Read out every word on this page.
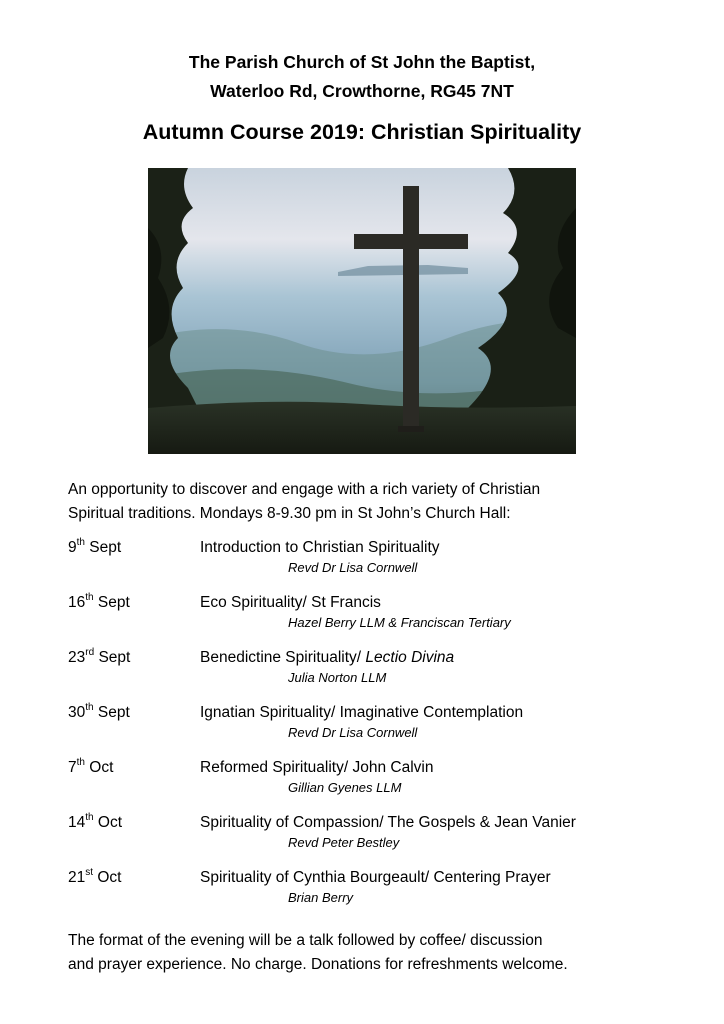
The Parish Church of St John the Baptist,
Waterloo Rd, Crowthorne, RG45 7NT
Autumn Course 2019: Christian Spirituality
An opportunity to discover and engage with a rich variety of Christian
Spiritual traditions. Mondays 8-9.30 pm in St John’s Church Hall:
9th Sept	Introduction to Christian Spirituality
Revd Dr Lisa Cornwell
16th Sept	Eco Spirituality/ St Francis
Hazel Berry LLM & Franciscan Tertiary
23rd Sept	Benedictine Spirituality/ Lectio Divina
Julia Norton LLM
30th Sept	Ignatian Spirituality/ Imaginative Contemplation
Revd Dr Lisa Cornwell
7th Oct	Reformed Spirituality/ John Calvin
Gillian Gyenes LLM
14th Oct	Spirituality of Compassion/ The Gospels & Jean Vanier
Revd Peter Bestley
21st Oct	Spirituality of Cynthia Bourgeault/ Centering Prayer
Brian Berry
The format of the evening will be a talk followed by coffee/ discussion
and prayer experience. No charge. Donations for refreshments welcome.
